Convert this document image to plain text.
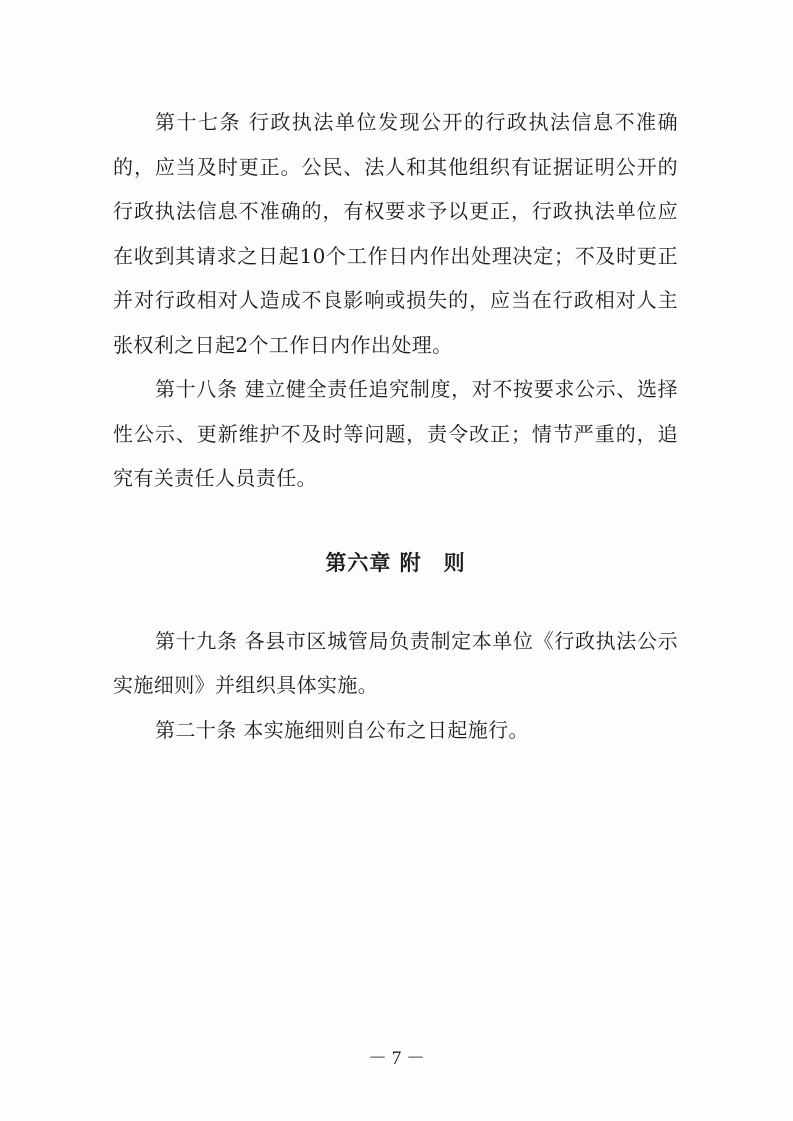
第十七条 行政执法单位发现公开的行政执法信息不准确的，应当及时更正。公民、法人和其他组织有证据证明公开的行政执法信息不准确的，有权要求予以更正，行政执法单位应在收到其请求之日起10个工作日内作出处理决定；不及时更正并对行政相对人造成不良影响或损失的，应当在行政相对人主张权利之日起2个工作日内作出处理。

第十八条 建立健全责任追究制度，对不按要求公示、选择性公示、更新维护不及时等问题，责令改正；情节严重的，追究有关责任人员责任。

第六章 附　则

第十九条 各县市区城管局负责制定本单位《行政执法公示实施细则》并组织具体实施。

第二十条 本实施细则自公布之日起施行。

－ 7 －
